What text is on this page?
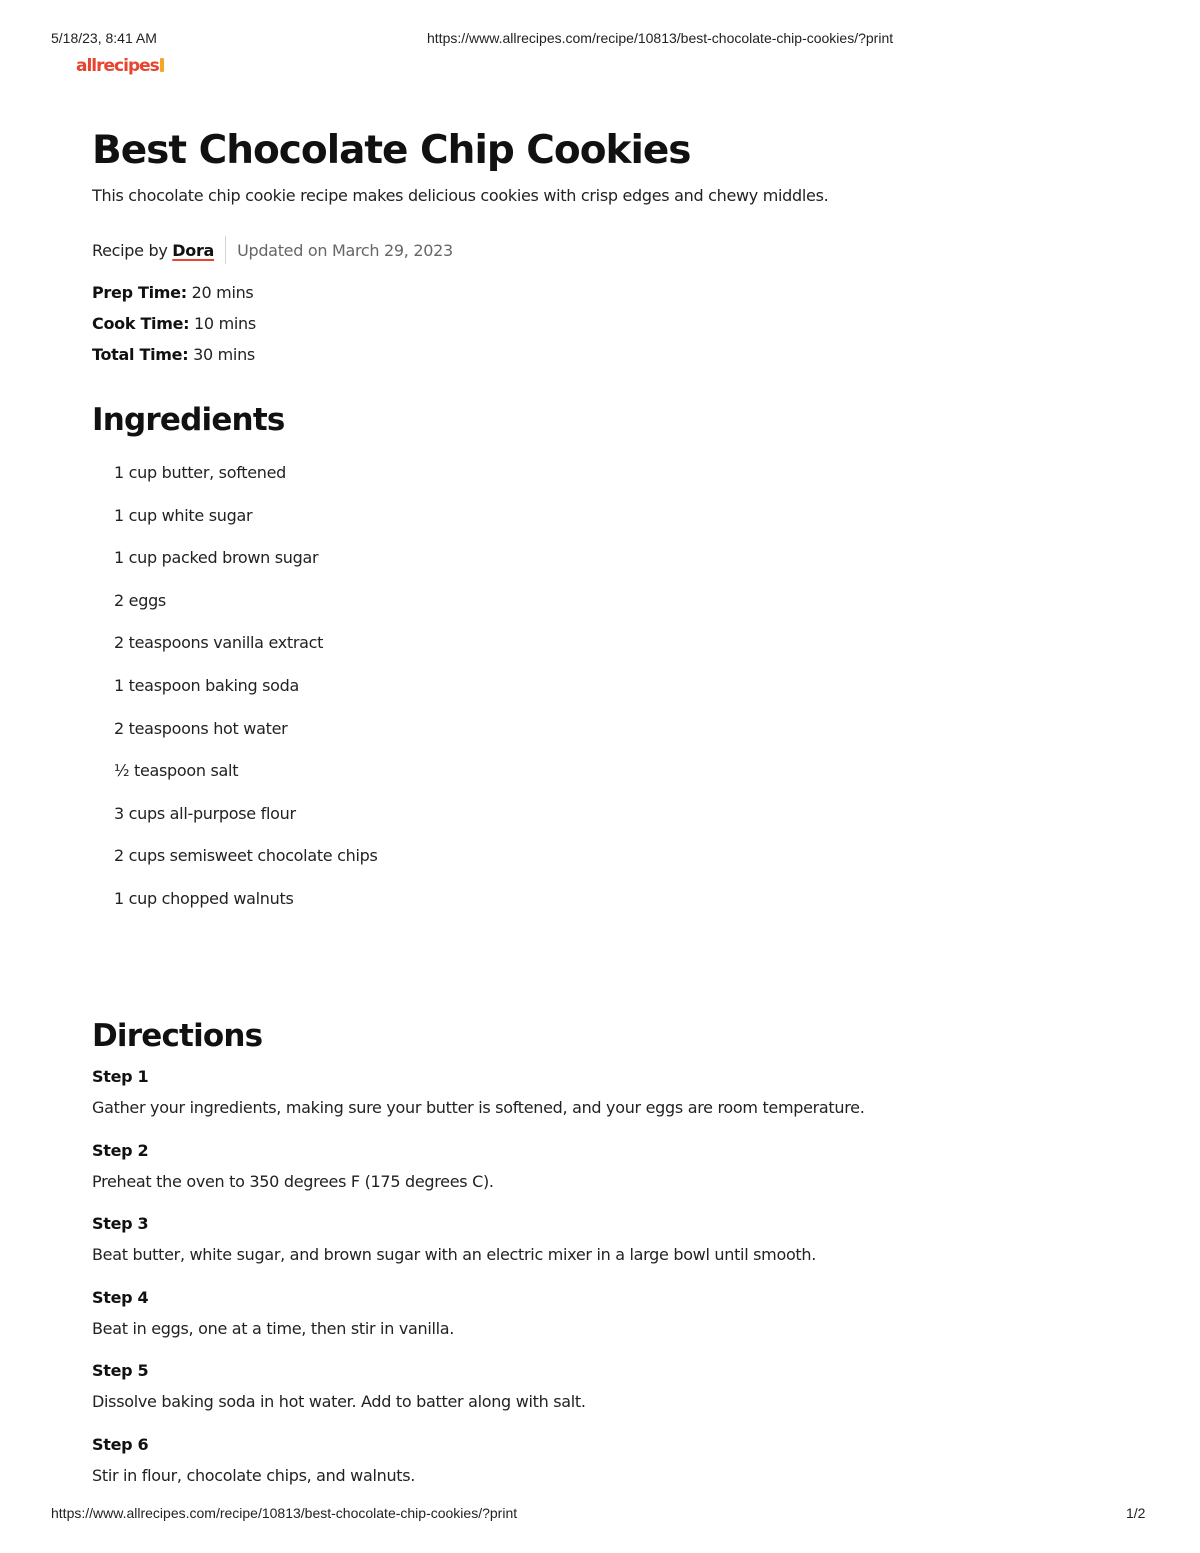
5/18/23, 8:41 AM	https://www.allrecipes.com/recipe/10813/best-chocolate-chip-cookies/?print
allrecipes
Best Chocolate Chip Cookies
This chocolate chip cookie recipe makes delicious cookies with crisp edges and chewy middles.
Recipe by Dora Updated on March 29, 2023
Prep Time: 20 mins
Cook Time: 10 mins
Total Time: 30 mins
Ingredients
1 cup butter, softened
1 cup white sugar
1 cup packed brown sugar
2 eggs
2 teaspoons vanilla extract
1 teaspoon baking soda
2 teaspoons hot water
½ teaspoon salt
3 cups all-purpose flour
2 cups semisweet chocolate chips
1 cup chopped walnuts
Directions
Step 1
Gather your ingredients, making sure your butter is softened, and your eggs are room temperature.
Step 2
Preheat the oven to 350 degrees F (175 degrees C).
Step 3
Beat butter, white sugar, and brown sugar with an electric mixer in a large bowl until smooth.
Step 4
Beat in eggs, one at a time, then stir in vanilla.
Step 5
Dissolve baking soda in hot water. Add to batter along with salt.
Step 6
Stir in flour, chocolate chips, and walnuts.
https://www.allrecipes.com/recipe/10813/best-chocolate-chip-cookies/?print	1/2
